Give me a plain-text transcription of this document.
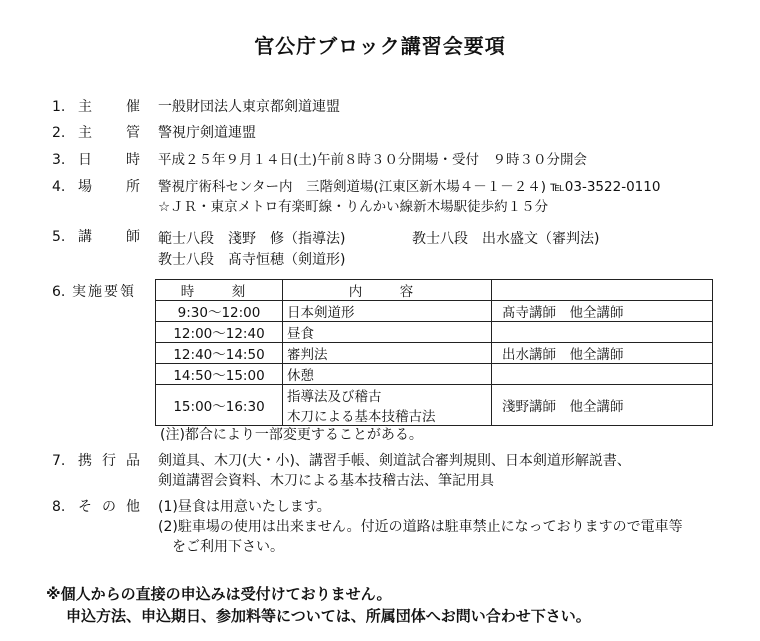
官公庁ブロック講習会要項
1. 主 催 一般財団法人東京都剣道連盟
2. 主 管 警視庁剣道連盟
3. 日 時 平成２５年９月１４日(土)午前８時３０分開場・受付　９時３０分開会
4. 場 所 警視庁術科センター内　三階剣道場(江東区新木場４－１－２４) ℡03-3522-0110
☆ＪＲ・東京メトロ有楽町線・りんかい線新木場駅徒歩約１５分
5. 講 師 範士八段　淺野　修（指導法)	教士八段　出水盛文（審判法)
教士八段　髙寺恒穂（剣道形)
6. 実施要領	時　刻	内　容	
9:30～12:00	日本剣道形	髙寺講師　他全講師
12:00～12:40	昼食	
12:40～14:50	審判法	出水講師　他全講師
14:50～15:00	休憩	
15:00～16:30	指導法及び稽古
木刀による基本技稽古法	淺野講師　他全講師
(注)都合により一部変更することがある。
7. 携 行 品 剣道具、木刀(大・小)、講習手帳、剣道試合審判規則、日本剣道形解説書、
剣道講習会資料、木刀による基本技稽古法、筆記用具
8. そ の 他 (1)昼食は用意いたします。
(2)駐車場の使用は出来ません。付近の道路は駐車禁止になっておりますので電車等
　をご利用下さい。
※個人からの直接の申込みは受付けておりません。
申込方法、申込期日、参加料等については、所属団体へお問い合わせ下さい。
